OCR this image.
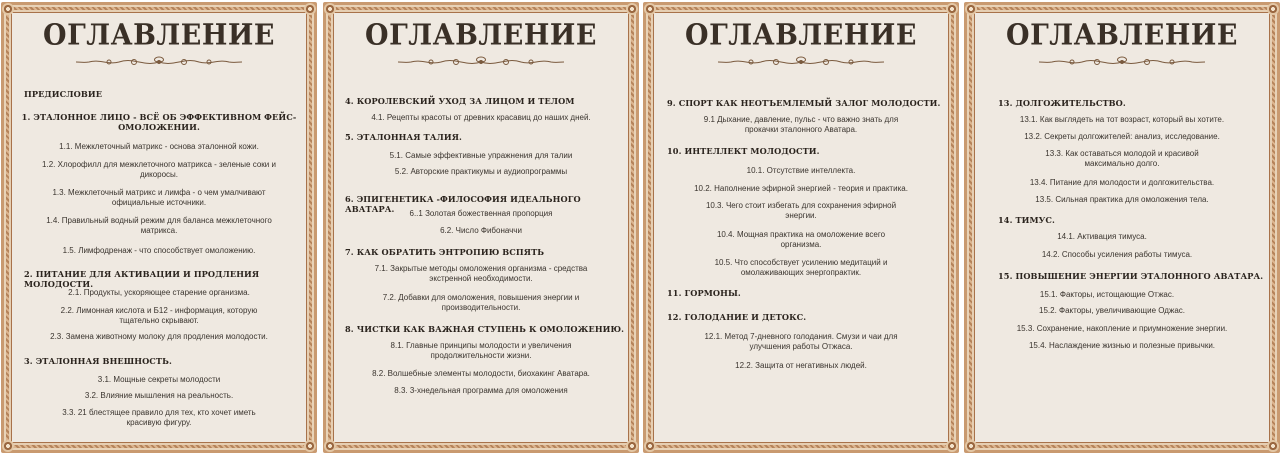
ОГЛАВЛЕНИЕ
ПРЕДИСЛОВИЕ
1. ЭТАЛОННОЕ ЛИЦО - ВСЁ ОБ ЭФФЕКТИВНОМ ФЕЙС-ОМОЛОЖЕНИИ.
1.1. Межклеточный матрикс - основа эталонной кожи.
1.2. Хлорофилл для межклеточного матрикса - зеленые соки и дикоросы.
1.3. Межклеточный матрикс и лимфа - о чем умалчивают официальные источники.
1.4. Правильный водный режим для баланса межклеточного матрикса.
1.5. Лимфодренаж - что способствует омоложению.
2. ПИТАНИЕ ДЛЯ АКТИВАЦИИ И ПРОДЛЕНИЯ МОЛОДОСТИ.
2.1. Продукты, ускоряющее старение организма.
2.2. Лимонная кислота и Б12 - информация, которую тщательно скрывают.
2.3. Замена животному молоку для продления молодости.
3. ЭТАЛОННАЯ ВНЕШНОСТЬ.
3.1. Мощные секреты молодости
3.2. Влияние мышления на реальность.
3.3. 21 блестящее правило для тех, кто хочет иметь красивую фигуру.
ОГЛАВЛЕНИЕ
4. КОРОЛЕВСКИЙ УХОД ЗА ЛИЦОМ И ТЕЛОМ
4.1. Рецепты красоты от древних красавиц до наших дней.
5. ЭТАЛОННАЯ ТАЛИЯ.
5.1. Самые эффективные упражнения для талии
5.2. Авторские практикумы и аудиопрограммы
6. ЭПИГЕНЕТИКА -ФИЛОСОФИЯ ИДЕАЛЬНОГО АВАТАРА.	6..1 Золотая божественная пропорция
6.2. Число Фибоначчи
7. КАК ОБРАТИТЬ ЭНТРОПИЮ ВСПЯТЬ
7.1. Закрытые методы омоложения организма - средства экстренной необходимости.
7.2. Добавки для омоложения, повышения энергии и производительности.
8. ЧИСТКИ КАК ВАЖНАЯ СТУПЕНЬ К ОМОЛОЖЕНИЮ.
8.1. Главные принципы молодости и увеличения продолжительности жизни.
8.2. Волшебные элементы молодости, биохакинг Аватара.
8.3. 3-хнедельная программа для омоложения
ОГЛАВЛЕНИЕ
9. СПОРТ КАК НЕОТЪЕМЛЕМЫЙ ЗАЛОГ МОЛОДОСТИ.
9.1 Дыхание, давление, пульс - что важно знать для прокачки эталонного Аватара.
10. ИНТЕЛЛЕКТ МОЛОДОСТИ.
10.1. Отсутствие интеллекта.
10.2. Наполнение эфирной энергией - теория и практика.
10.3. Чего стоит избегать для сохранения эфирной энергии.
10.4. Мощная практика на омоложение всего организма.
10.5. Что способствует усилению медитаций и омолаживающих энергопрактик.
11. ГОРМОНЫ.
12. ГОЛОДАНИЕ И ДЕТОКС.
12.1. Метод 7-дневного голодания. Смузи и чаи для улучшения работы Отжаса.
12.2. Защита от негативных людей.
ОГЛАВЛЕНИЕ
13. ДОЛГОЖИТЕЛЬСТВО.
13.1. Как выглядеть на тот возраст, который вы хотите.
13.2. Секреты долгожителей: анализ, исследование.
13.3. Как оставаться молодой и красивой максимально долго.
13.4. Питание для молодости и долгожительства.
13.5. Сильная практика для омоложения тела.
14. ТИМУС.
14.1. Активация тимуса.
14.2. Способы усиления работы тимуса.
15. ПОВЫШЕНИЕ ЭНЕРГИИ ЭТАЛОННОГО АВАТАРА.
15.1. Факторы, истощающие Отжас.
15.2. Факторы, увеличивающие Оджас.
15.3. Сохранение, накопление и приумножение энергии.
15.4. Наслаждение жизнью и полезные привычки.
